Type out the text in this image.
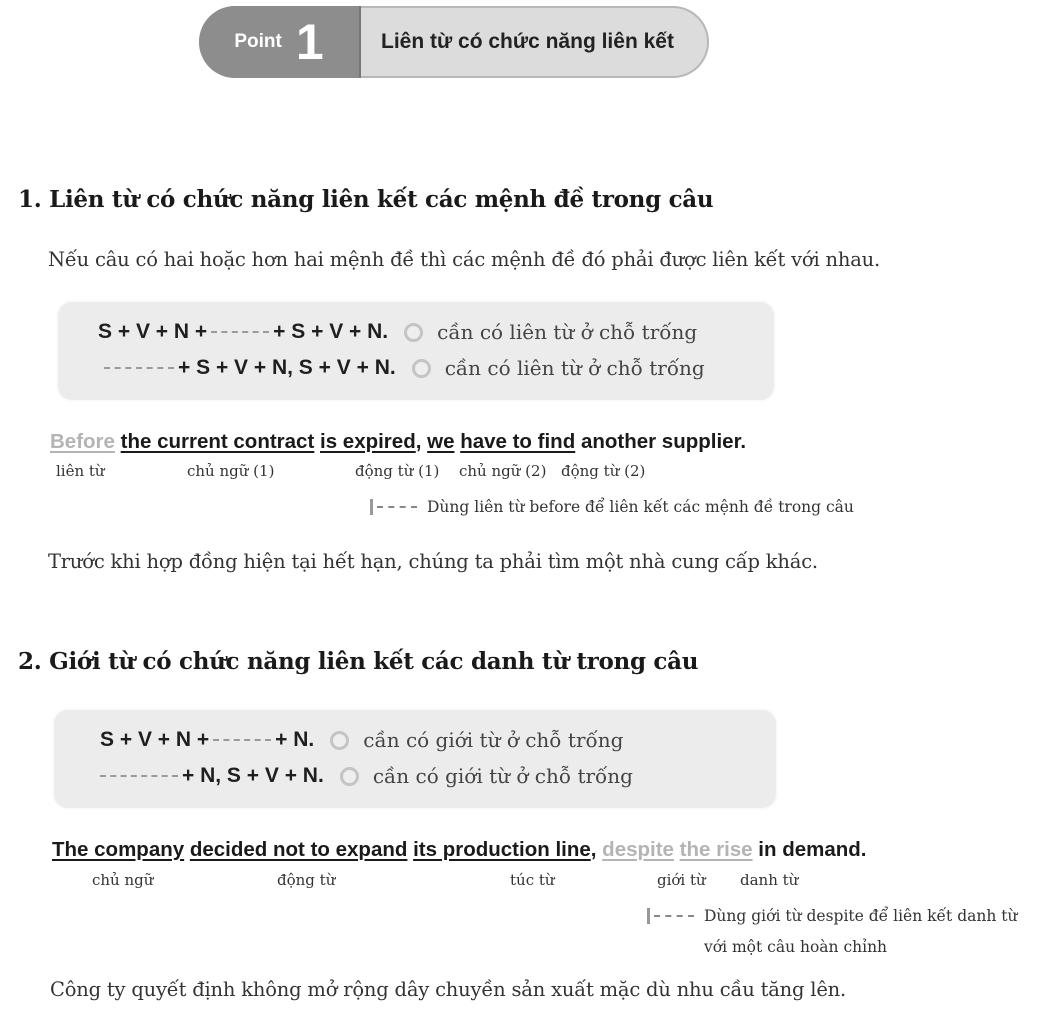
Point 1	Liên từ có chức năng liên kết
1. Liên từ có chức năng liên kết các mệnh đề trong câu
Nếu câu có hai hoặc hơn hai mệnh đề thì các mệnh đề đó phải được liên kết với nhau.
S + V + N +	+ S + V + N. cần có liên từ ở chỗ trống
+ S + V + N, S + V + N. cần có liên từ ở chỗ trống
Before the current contract is expired, we have to find another supplier.
liên từ	chủ ngữ (1)	động từ (1) chủ ngữ (2) động từ (2)
Dùng liên từ before để liên kết các mệnh đề trong câu
Trước khi hợp đồng hiện tại hết hạn, chúng ta phải tìm một nhà cung cấp khác.
2. Giới từ có chức năng liên kết các danh từ trong câu
S + V + N +	+ N. cần có giới từ ở chỗ trống
+ N, S + V + N. cần có giới từ ở chỗ trống
The company decided not to expand its production line, despite the rise in demand.
chủ ngữ	động từ	túc từ	giới từ danh từ
Dùng giới từ despite để liên kết danh từ
với một câu hoàn chỉnh
Công ty quyết định không mở rộng dây chuyền sản xuất mặc dù nhu cầu tăng lên.
